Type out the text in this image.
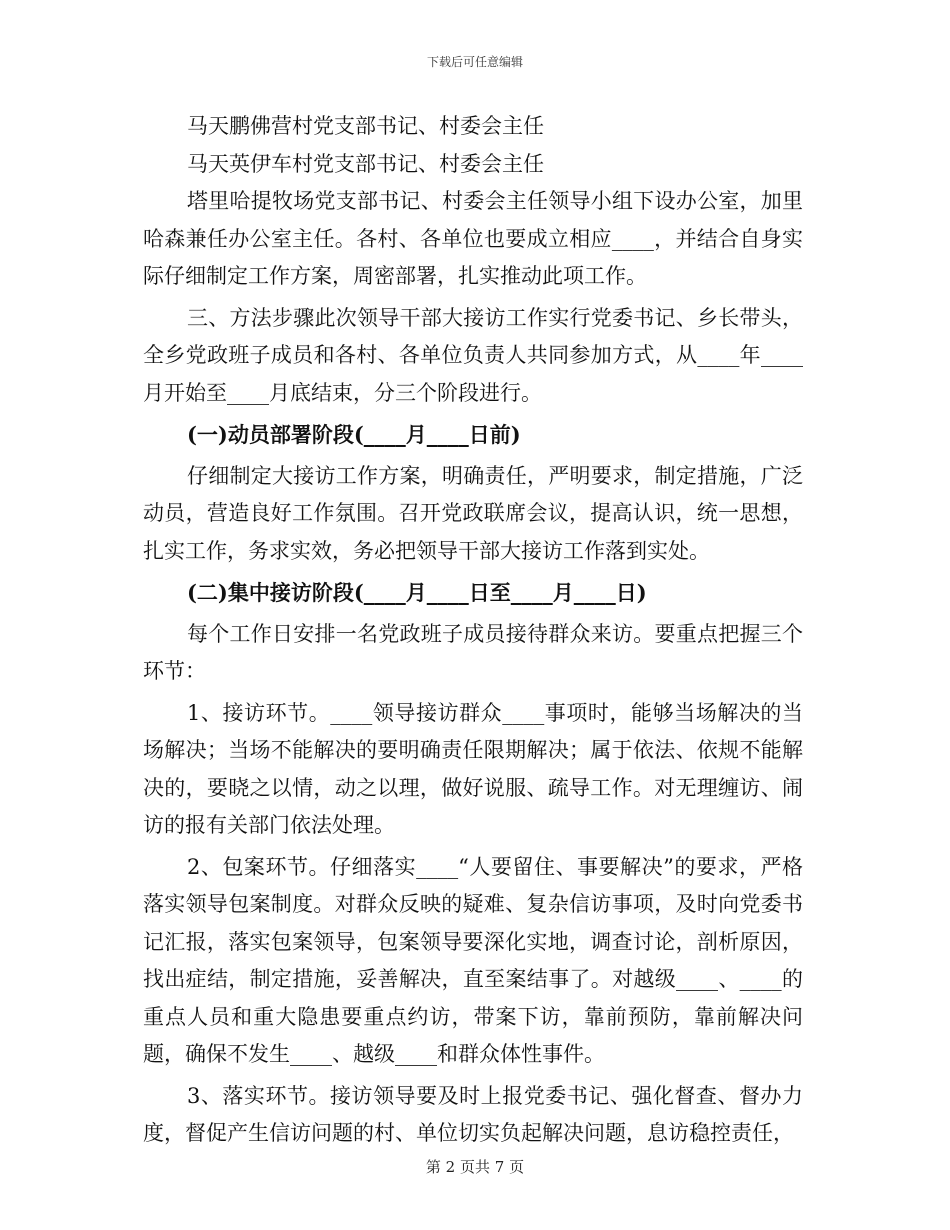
下载后可任意编辑

马天鹏佛营村党支部书记、村委会主任

马天英伊车村党支部书记、村委会主任

塔里哈提牧场党支部书记、村委会主任领导小组下设办公室，加里哈森兼任办公室主任。各村、各单位也要成立相应____，并结合自身实际仔细制定工作方案，周密部署，扎实推动此项工作。

三、方法步骤此次领导干部大接访工作实行党委书记、乡长带头，全乡党政班子成员和各村、各单位负责人共同参加方式，从____年____月开始至____月底结束，分三个阶段进行。

(一)动员部署阶段(____月____日前)

仔细制定大接访工作方案，明确责任，严明要求，制定措施，广泛动员，营造良好工作氛围。召开党政联席会议，提高认识，统一思想，扎实工作，务求实效，务必把领导干部大接访工作落到实处。

(二)集中接访阶段(____月____日至____月____日)

每个工作日安排一名党政班子成员接待群众来访。要重点把握三个环节：

1、接访环节。____领导接访群众____事项时，能够当场解决的当场解决；当场不能解决的要明确责任限期解决；属于依法、依规不能解决的，要晓之以情，动之以理，做好说服、疏导工作。对无理缠访、闹访的报有关部门依法处理。

2、包案环节。仔细落实____“人要留住、事要解决”的要求，严格落实领导包案制度。对群众反映的疑难、复杂信访事项，及时向党委书记汇报，落实包案领导，包案领导要深化实地，调查讨论，剖析原因，找出症结，制定措施，妥善解决，直至案结事了。对越级____、____的重点人员和重大隐患要重点约访，带案下访，靠前预防，靠前解决问题，确保不发生____、越级____和群众体性事件。

3、落实环节。接访领导要及时上报党委书记、强化督查、督办力度，督促产生信访问题的村、单位切实负起解决问题，息访稳控责任，

第 2 页共 7 页
